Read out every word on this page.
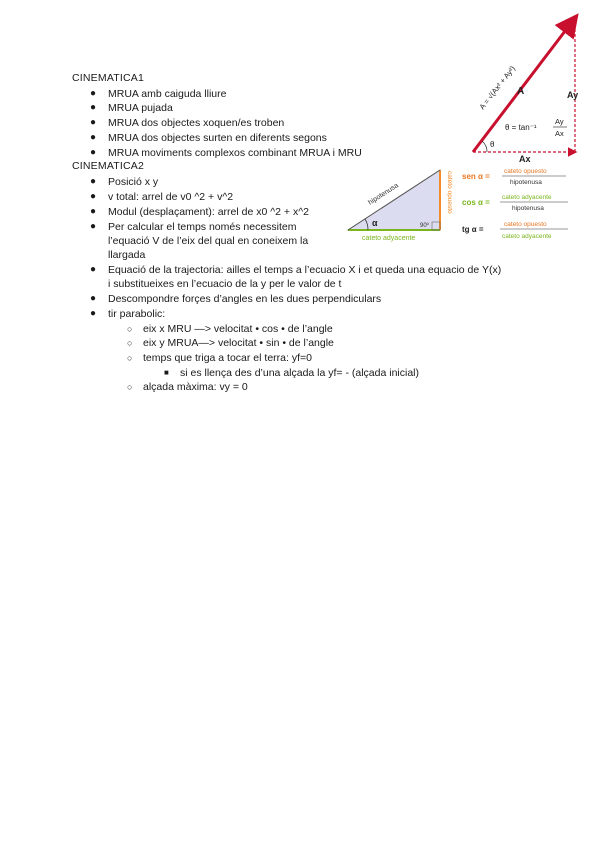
CINEMATICA1
● MRUA amb caiguda lliure
● MRUA pujada
● MRUA dos objectes xoquen/es troben
● MRUA dos objectes surten en diferents segons
● MRUA moviments complexos combinant MRUA i MRU
CINEMATICA2
● Posició x y
● v total: arrel de v0 ^2 + v^2
● Modul (desplaçament): arrel de x0 ^2 + x^2
● Per calcular el temps només necessitem
l’equació V de l’eix del qual en coneixem la
llargada
● Equació de la trajectoria: ailles el temps a l’ecuacio X i et queda una equacio de Y(x)
i substitueixes en l’ecuacio de la y per le valor de t
● Descompondre forçes d’angles en les dues perpendiculars
● tir parabolic:
○ eix x MRU —> velocitat • cos • de l’angle
○ eix y MRUA—> velocitat • sin • de l’angle
○ temps que triga a tocar el terra: yf=0
■ si es llença des d’una alçada la yf= - (alçada inicial)
○ alçada màxima: vy = 0
A = √(Ax² + Ay²) A	Ay
Ax
θ
θ = tan⁻¹
Ay
Ax
hipotenusa	cateto opuesto
cateto adyacente
α	90º
sen α =
cateto opuesto
hipotenusa
cos α =
cateto adyacente
hipotenusa
tg α =
cateto opuesto
cateto adyacente
